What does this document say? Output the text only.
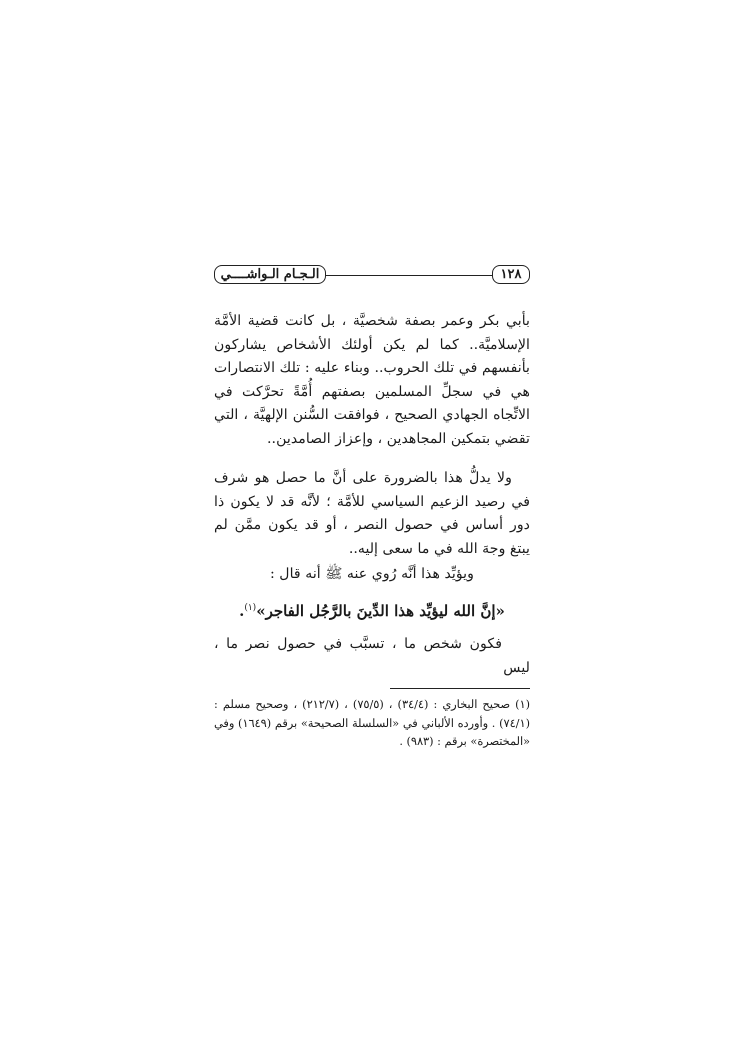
١٢٨
الـجـام الـواشــــي

بأبي بكر وعمر بصفة شخصيَّة ، بل كانت قضية الأمَّة الإسلاميَّة.. كما لم يكن أولئك الأشخاص يشاركون بأنفسهم في تلك الحروب.. وبناء عليه : تلك الانتصارات هي في سجلِّ المسلمين بصفتهم أُمَّةً تحرَّكت في الاتِّجاه الجهادي الصحيح ، فوافقت السُّنن الإلهيَّة ، التي تقضي بتمكين المجاهدين ، وإعزاز الصامدين..

ولا يدلُّ هذا بالضرورة على أنَّ ما حصل هو شرف في رصيد الزعيم السياسي للأمَّة ؛ لأنَّه قد لا يكون ذا دور أساس في حصول النصر ، أو قد يكون ممَّن لم يبتغ وجهَ الله في ما سعى إليه..

ويؤيِّد هذا أنَّه رُوي عنه ﷺ أنه قال :

«إنَّ الله ليؤيِّد هذا الدِّينَ بالرَّجُل الفاجر»$^{(١)}$.

فكون شخص ما ، تسبَّب في حصول نصر ما ، ليس

(١) صحيح البخاري : (٣٤/٤) ، (٧٥/٥) ، (٢١٢/٧) ، وصحيح مسلم : (٧٤/١) . وأورده الألباني في «السلسلة الصحيحة» برقم (١٦٤٩) وفي «المختصرة» برقم : (٩٨٣) .
